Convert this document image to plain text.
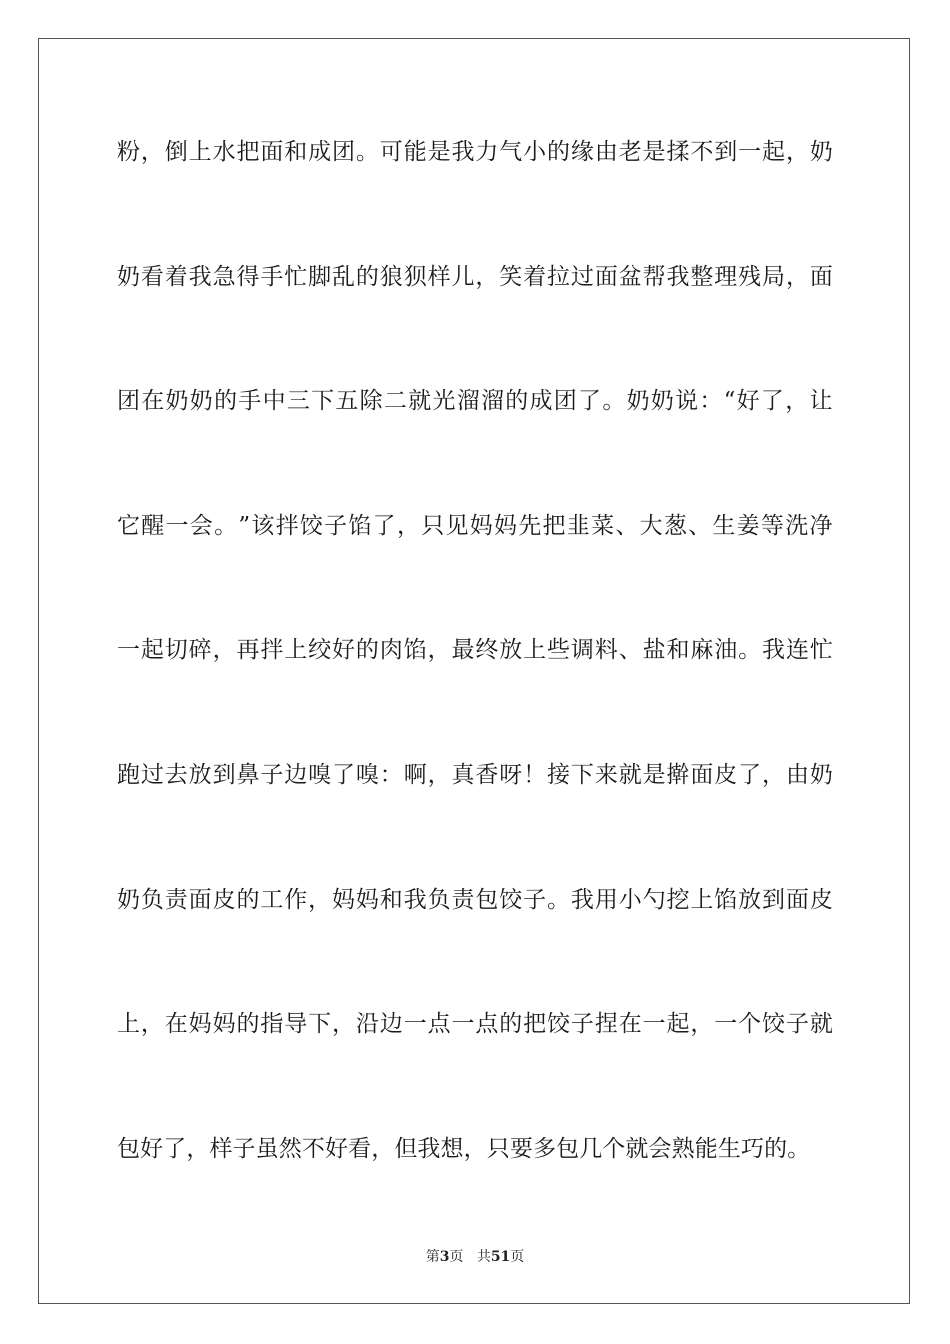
粉 ， 倒 上 水 把 面 和 成 团 。 可 能 是 我 力 气 小 的 缘 由 老 是 揉 不 到 一 起 ， 奶
奶 看 着 我 急 得 手 忙 脚 乱 的 狼 狈 样 儿 ， 笑 着 拉 过 面 盆 帮 我 整 理 残 局 ， 面
团 在 奶 奶 的 手 中 三 下 五 除 二 就 光 溜 溜 的 成 团 了 。 奶 奶 说 ： “ 好 了 ， 让
它 醒 一 会 。 ” 该 拌 饺 子 馅 了 ， 只 见 妈 妈 先 把 韭 菜 、 大 葱 、 生 姜 等 洗 净
一 起 切 碎 ， 再 拌 上 绞 好 的 肉 馅 ， 最 终 放 上 些 调 料 、 盐 和 麻 油 。 我 连 忙
跑 过 去 放 到 鼻 子 边 嗅 了 嗅 ： 啊 ， 真 香 呀 ！ 接 下 来 就 是 擀 面 皮 了 ， 由 奶
奶 负 责 面 皮 的 工 作 ， 妈 妈 和 我 负 责 包 饺 子 。 我 用 小 勺 挖 上 馅 放 到 面 皮
上 ， 在 妈 妈 的 指 导 下 ， 沿 边 一 点 一 点 的 把 饺 子 捏 在 一 起 ， 一 个 饺 子 就
包 好 了 ， 样 子 虽 然 不 好 看 ， 但 我 想 ， 只 要 多 包 几 个 就 会 熟 能 生 巧 的 。
第3页 共51页
